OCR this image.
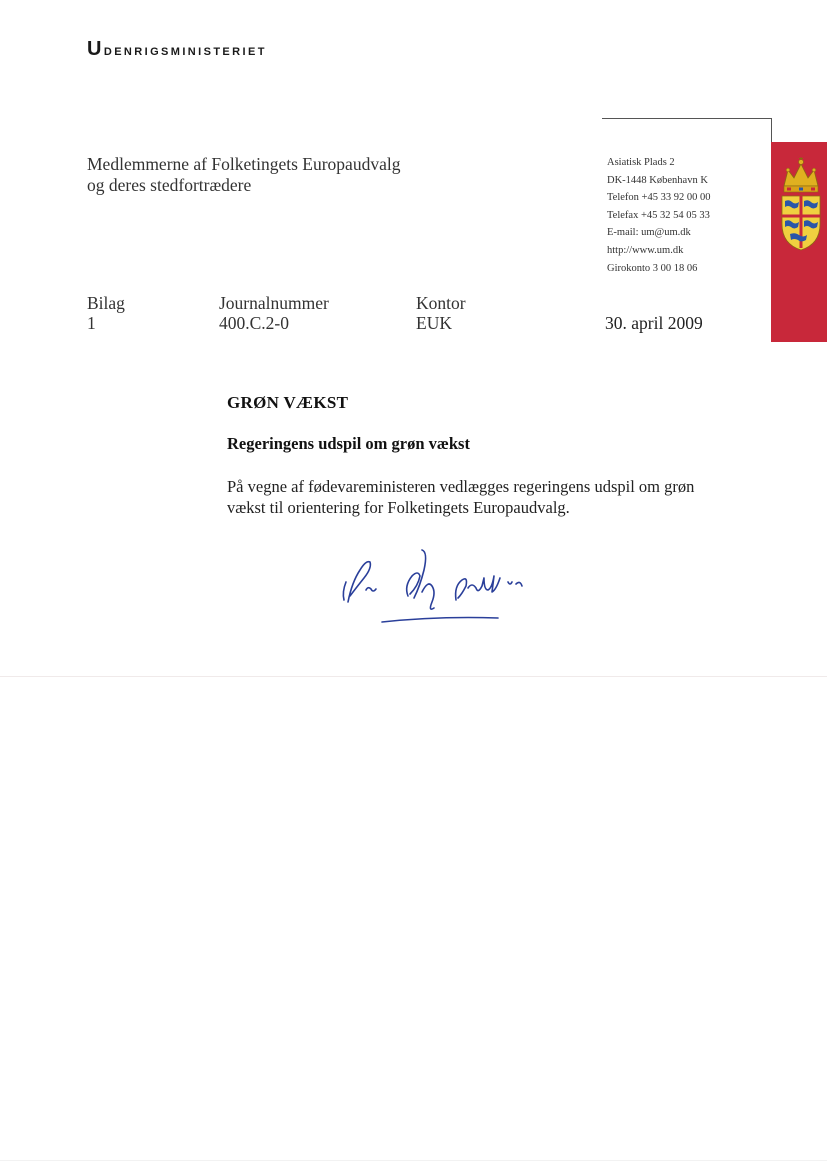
Udenrigsministeriet
Medlemmerne af Folketingets Europaudvalg
og deres stedfortrædere
Asiatisk Plads 2
DK-1448 København K
Telefon +45 33 92 00 00
Telefax +45 32 54 05 33
E-mail: um@um.dk
http://www.um.dk
Girokonto 3 00 18 06
Bilag
1
Journalnummer
400.C.2-0
Kontor
EUK	30. april 2009
GRØN VÆKST
Regeringens udspil om grøn vækst
På vegne af fødevareministeren vedlægges regeringens udspil om grøn
vækst til orientering for Folketingets Europaudvalg.
